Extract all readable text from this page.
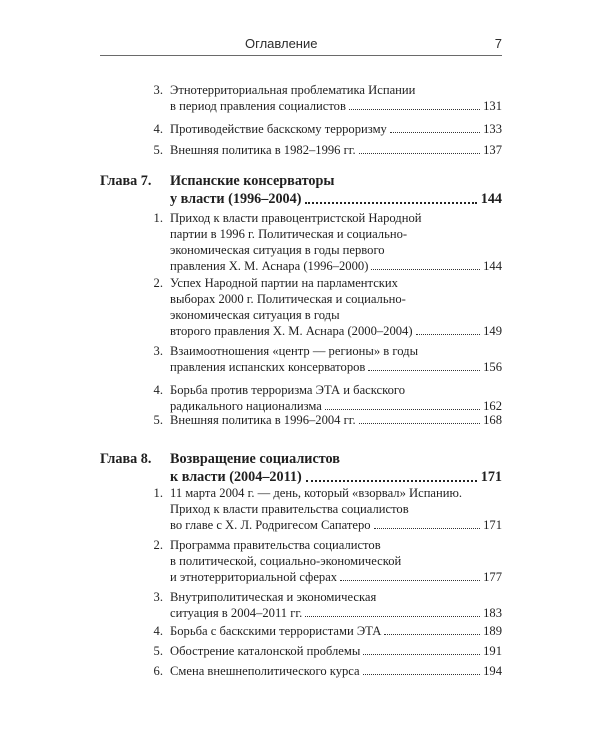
Оглавление	7
3. Этнотерриториальная проблематика Испании
в период правления социалистов	131
4. Противодействие баскскому терроризму	133
5. Внешняя политика в 1982–1996 гг.	137
Глава 7. Испанские консерваторы
у власти (1996–2004)	144
1. Приход к власти правоцентристской Народной
партии в 1996 г. Политическая и социально-
экономическая ситуация в годы первого
правления Х. М. Аснара (1996–2000)	144
2. Успех Народной партии на парламентских
выборах 2000 г. Политическая и социально-
экономическая ситуация в годы
второго правления Х. М. Аснара (2000–2004)	149
3. Взаимоотношения «центр — регионы» в годы
правления испанских консерваторов	156
4. Борьба против терроризма ЭТА и баскского
радикального национализма	162
5. Внешняя политика в 1996–2004 гг.	168
Глава 8. Возвращение социалистов
к власти (2004–2011)	171
1. 11 марта 2004 г. — день, который «взорвал» Испанию.
Приход к власти правительства социалистов
во главе с Х. Л. Родригесом Сапатеро	171
2. Программа правительства социалистов
в политической, социально-экономической
и этнотерриториальной сферах	177
3. Внутриполитическая и экономическая
ситуация в 2004–2011 гг.	183
4. Борьба с баскскими террористами ЭТА	189
5. Обострение каталонской проблемы	191
6. Смена внешнеполитического курса	194
